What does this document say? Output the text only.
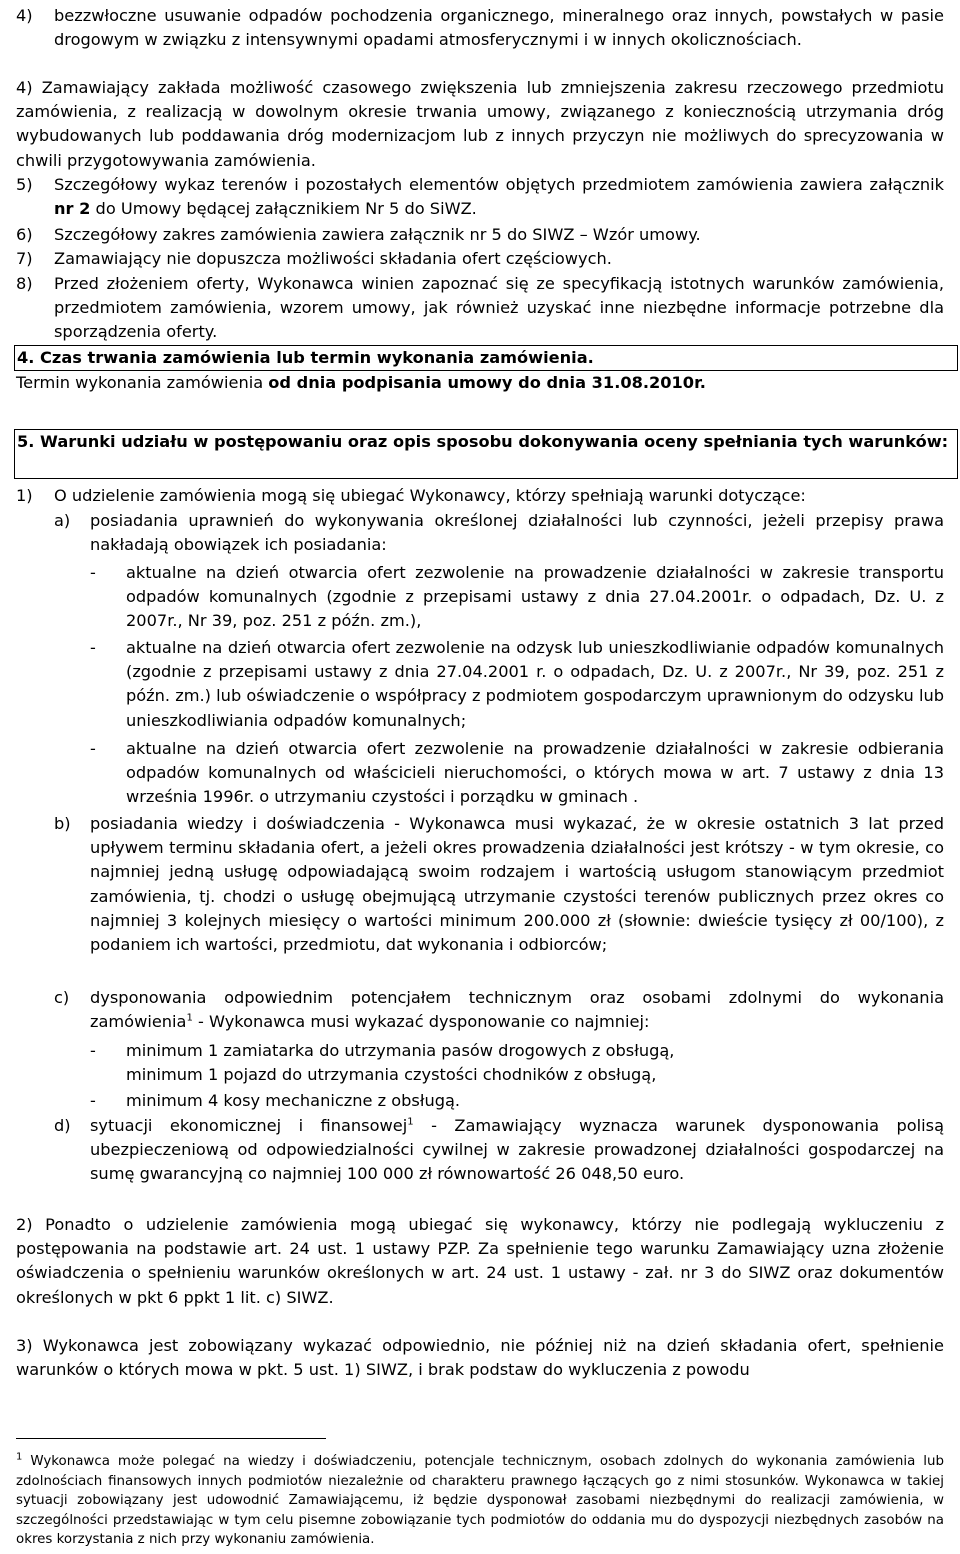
4) bezzwłoczne usuwanie odpadów pochodzenia organicznego, mineralnego oraz innych, powstałych w pasie drogowym w związku z intensywnymi opadami atmosferycznymi i w innych okolicznościach.
4) Zamawiający zakłada możliwość czasowego zwiększenia lub zmniejszenia zakresu rzeczowego przedmiotu zamówienia, z realizacją w dowolnym okresie trwania umowy, związanego z koniecznością utrzymania dróg wybudowanych lub poddawania dróg modernizacjom lub z innych przyczyn nie możliwych do sprecyzowania w chwili przygotowywania zamówienia.
5) Szczegółowy wykaz terenów i pozostałych elementów objętych przedmiotem zamówienia zawiera załącznik nr 2 do Umowy będącej załącznikiem Nr 5 do SiWZ.
6) Szczegółowy zakres zamówienia zawiera załącznik nr 5 do SIWZ – Wzór umowy.
7) Zamawiający nie dopuszcza możliwości składania ofert częściowych.
8) Przed złożeniem oferty, Wykonawca winien zapoznać się ze specyfikacją istotnych warunków zamówienia, przedmiotem zamówienia, wzorem umowy, jak również uzyskać inne niezbędne informacje potrzebne dla sporządzenia oferty.
4. Czas trwania zamówienia lub termin wykonania zamówienia.
Termin wykonania zamówienia od dnia podpisania umowy do dnia 31.08.2010r.
5. Warunki udziału w postępowaniu oraz opis sposobu dokonywania oceny spełniania tych warunków:
1) O udzielenie zamówienia mogą się ubiegać Wykonawcy, którzy spełniają warunki dotyczące:
a) posiadania uprawnień do wykonywania określonej działalności lub czynności, jeżeli przepisy prawa nakładają obowiązek ich posiadania:
- aktualne na dzień otwarcia ofert zezwolenie na prowadzenie działalności w zakresie transportu odpadów komunalnych (zgodnie z przepisami ustawy z dnia 27.04.2001r. o odpadach, Dz. U. z 2007r., Nr 39, poz. 251 z późn. zm.),
- aktualne na dzień otwarcia ofert zezwolenie na odzysk lub unieszkodliwianie odpadów komunalnych (zgodnie z przepisami ustawy z dnia 27.04.2001 r. o odpadach, Dz. U. z 2007r., Nr 39, poz. 251 z późn. zm.) lub oświadczenie o współpracy z podmiotem gospodarczym uprawnionym do odzysku lub unieszkodliwiania odpadów komunalnych;
- aktualne na dzień otwarcia ofert zezwolenie na prowadzenie działalności w zakresie odbierania odpadów komunalnych od właścicieli nieruchomości, o których mowa w art. 7 ustawy z dnia 13 września 1996r. o utrzymaniu czystości i porządku w gminach .
b) posiadania wiedzy i doświadczenia - Wykonawca musi wykazać, że w okresie ostatnich 3 lat przed upływem terminu składania ofert, a jeżeli okres prowadzenia działalności jest krótszy - w tym okresie, co najmniej jedną usługę odpowiadającą swoim rodzajem i wartością usługom stanowiącym przedmiot zamówienia, tj. chodzi o usługę obejmującą utrzymanie czystości terenów publicznych przez okres co najmniej 3 kolejnych miesięcy o wartości minimum 200.000 zł (słownie: dwieście tysięcy zł 00/100), z podaniem ich wartości, przedmiotu, dat wykonania i odbiorców;
c) dysponowania odpowiednim potencjałem technicznym oraz osobami zdolnymi do wykonania zamówienia$^1$ - Wykonawca musi wykazać dysponowanie co najmniej:
- minimum 1 zamiatarka do utrzymania pasów drogowych z obsługą,
minimum 1 pojazd do utrzymania czystości chodników z obsługą,
- minimum 4 kosy mechaniczne z obsługą.
d) sytuacji ekonomicznej i finansowej$^1$ - Zamawiający wyznacza warunek dysponowania polisą ubezpieczeniową od odpowiedzialności cywilnej w zakresie prowadzonej działalności gospodarczej na sumę gwarancyjną co najmniej 100 000 zł równowartość 26 048,50 euro.
2) Ponadto o udzielenie zamówienia mogą ubiegać się wykonawcy, którzy nie podlegają wykluczeniu z postępowania na podstawie art. 24 ust. 1 ustawy PZP. Za spełnienie tego warunku Zamawiający uzna złożenie oświadczenia o spełnieniu warunków określonych w art. 24 ust. 1 ustawy - zał. nr 3 do SIWZ oraz dokumentów określonych w pkt 6 ppkt 1 lit. c) SIWZ.
3) Wykonawca jest zobowiązany wykazać odpowiednio, nie później niż na dzień składania ofert, spełnienie warunków o których mowa w pkt. 5 ust. 1) SIWZ, i brak podstaw do wykluczenia z powodu
$^1$ Wykonawca może polegać na wiedzy i doświadczeniu, potencjale technicznym, osobach zdolnych do wykonania zamówienia lub zdolnościach finansowych innych podmiotów niezależnie od charakteru prawnego łączących go z nimi stosunków. Wykonawca w takiej sytuacji zobowiązany jest udowodnić Zamawiającemu, iż będzie dysponował zasobami niezbędnymi do realizacji zamówienia, w szczególności przedstawiając w tym celu pisemne zobowiązanie tych podmiotów do oddania mu do dyspozycji niezbędnych zasobów na okres korzystania z nich przy wykonaniu zamówienia.
